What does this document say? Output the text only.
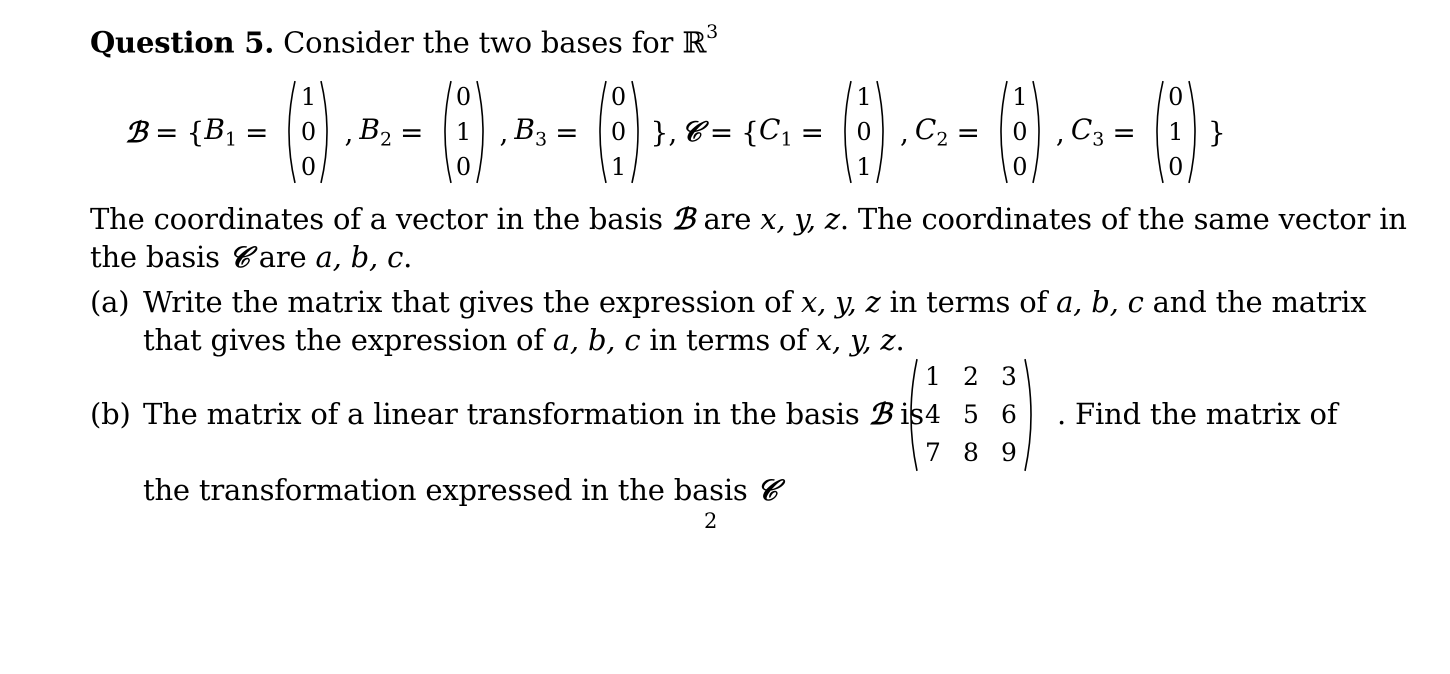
Question 5. Consider the two bases for ℝ$^3$
ℬ = { $B_1$ =
1
0
0
, $B_2$ =
0
1
0
, $B_3$ =
0
0
1
} , 𝒞 = { $C_1$ =
1
0
1
, $C_2$ =
1
0
0
, $C_3$ =
0
1
0
}
The coordinates of a vector in the basis ℬ are x, y, z. The coordinates of the same vector in
the basis 𝒞 are a, b, c.
(a) Write the matrix that gives the expression of x, y, z in terms of a, b, c and the matrix
that gives the expression of a, b, c in terms of x, y, z.
(b) The matrix of a linear transformation in the basis ℬ is
1 2 3
4 5 6
7 8 9
. Find the matrix of
the transformation expressed in the basis 𝒞
2
